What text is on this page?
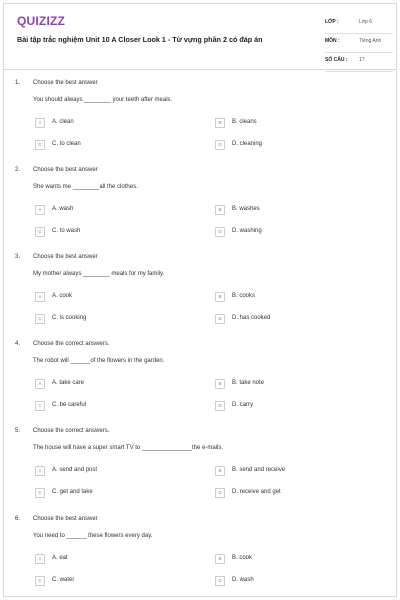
QUIZIZZ
Bài tập trắc nghiệm Unit 10 A Closer Look 1 - Từ vựng phần 2 có đáp án
LỚP :	Lớp 6
MÔN :	Tiếng Anh
SỐ CÂU : 17
1. Choose the best answer
You should always ________ your teeth after meals.
A	A. clean	B	B. cleans
C	C. to clean	D	D. cleaning
2. Choose the best answer
She wants me ________all the clothes.
A	A. wash	B	B. washes
C	C. to wash	D	D. washing
3. Choose the best answer
My mother always ________ meals for my family.
A	A. cook	B	B. cooks
C	C. is cooking	D	D. has cooked
4. Choose the correct answers.
The robot will ______of the flowers in the garden.
A	A. take care	B	B. take note
C	C. be careful	D	D. carry
5. Choose the correct answers.
The house will have a super smart TV to _______________the e-mails.
A	A. send and post	B	B. send and receive
C	C. get and take	D	D. receive and get
6. Choose the best answer
You need to ______ these flowers every day.
A	A. eat	B	B. cook
C	C. water	D	D. wash
